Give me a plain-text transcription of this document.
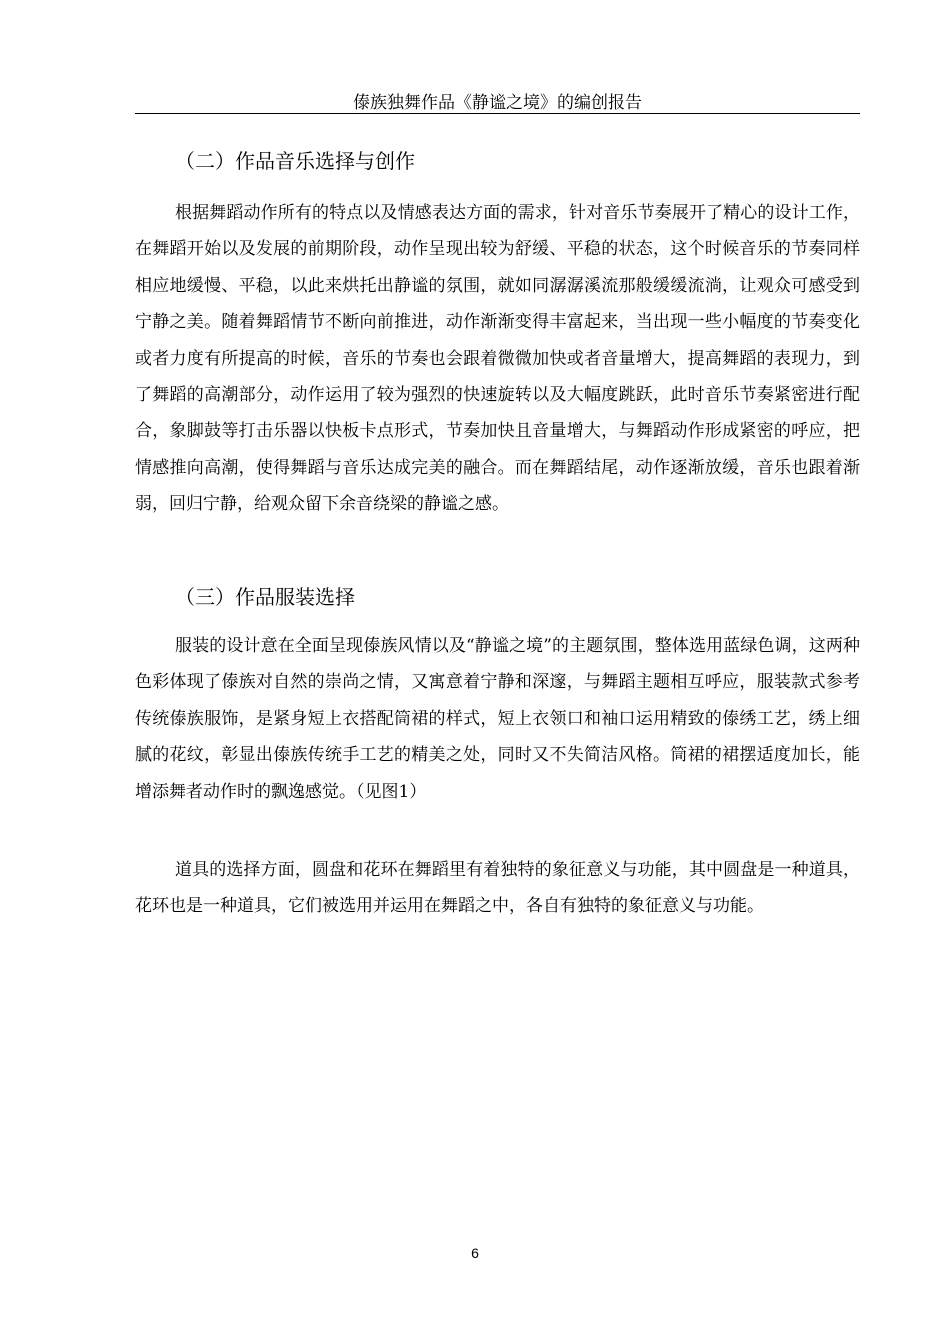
傣族独舞作品《静谧之境》的编创报告
（二）作品音乐选择与创作

根据舞蹈动作所有的特点以及情感表达方面的需求，针对音乐节奏展开了精心的设计工作，在舞蹈开始以及发展的前期阶段，动作呈现出较为舒缓、平稳的状态，这个时候音乐的节奏同样相应地缓慢、平稳，以此来烘托出静谧的氛围，就如同潺潺溪流那般缓缓流淌，让观众可感受到宁静之美。随着舞蹈情节不断向前推进，动作渐渐变得丰富起来，当出现一些小幅度的节奏变化或者力度有所提高的时候，音乐的节奏也会跟着微微加快或者音量增大，提高舞蹈的表现力，到了舞蹈的高潮部分，动作运用了较为强烈的快速旋转以及大幅度跳跃，此时音乐节奏紧密进行配合，象脚鼓等打击乐器以快板卡点形式，节奏加快且音量增大，与舞蹈动作形成紧密的呼应，把情感推向高潮，使得舞蹈与音乐达成完美的融合。而在舞蹈结尾，动作逐渐放缓，音乐也跟着渐弱，回归宁静，给观众留下余音绕梁的静谧之感。

（三）作品服装选择

服装的设计意在全面呈现傣族风情以及“静谧之境”的主题氛围，整体选用蓝绿色调，这两种色彩体现了傣族对自然的崇尚之情，又寓意着宁静和深邃，与舞蹈主题相互呼应，服装款式参考传统傣族服饰，是紧身短上衣搭配筒裙的样式，短上衣领口和袖口运用精致的傣绣工艺，绣上细腻的花纹，彰显出傣族传统手工艺的精美之处，同时又不失简洁风格。筒裙的裙摆适度加长，能增添舞者动作时的飘逸感觉。（见图1）

道具的选择方面，圆盘和花环在舞蹈里有着独特的象征意义与功能，其中圆盘是一种道具，花环也是一种道具，它们被选用并运用在舞蹈之中，各自有独特的象征意义与功能。

6
